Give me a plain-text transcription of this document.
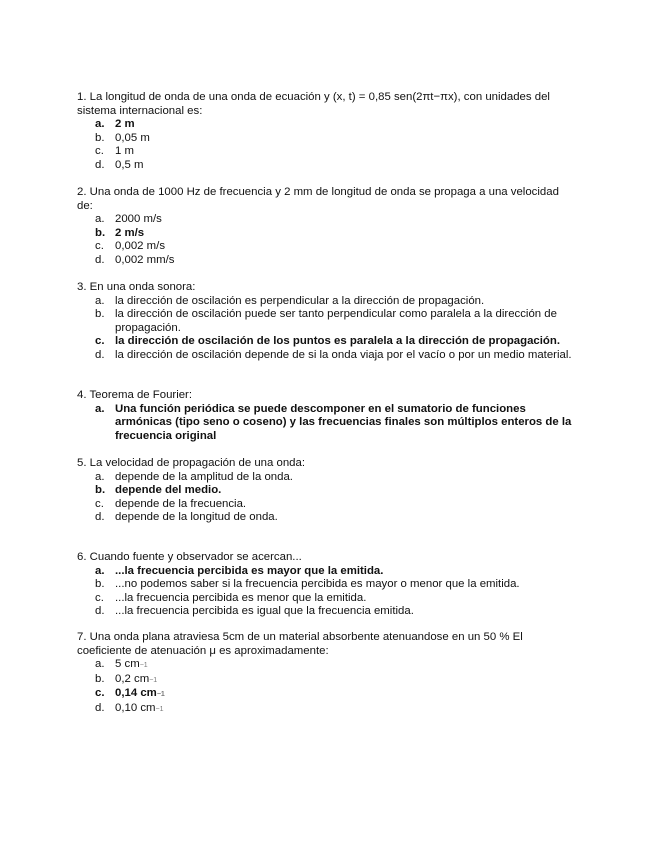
1. La longitud de onda de una onda de ecuación y (x, t) = 0,85 sen(2πt−πx), con unidades del sistema internacional es:
a. 2 m
b. 0,05 m
c. 1 m
d. 0,5 m
2. Una onda de 1000 Hz de frecuencia y 2 mm de longitud de onda se propaga a una velocidad de:
a. 2000 m/s
b. 2 m/s
c. 0,002 m/s
d. 0,002 mm/s
3. En una onda sonora:
a. la dirección de oscilación es perpendicular a la dirección de propagación.
b. la dirección de oscilación puede ser tanto perpendicular como paralela a la dirección de propagación.
c. la dirección de oscilación de los puntos es paralela a la dirección de propagación.
d. la dirección de oscilación depende de si la onda viaja por el vacío o por un medio material.
4. Teorema de Fourier:
a. Una función periódica se puede descomponer en el sumatorio de funciones armónicas (tipo seno o coseno) y las frecuencias finales son múltiplos enteros de la frecuencia original
5. La velocidad de propagación de una onda:
a. depende de la amplitud de la onda.
b. depende del medio.
c. depende de la frecuencia.
d. depende de la longitud de onda.
6. Cuando fuente y observador se acercan...
a. ...la frecuencia percibida es mayor que la emitida.
b. ...no podemos saber si la frecuencia percibida es mayor o menor que la emitida.
c. ...la frecuencia percibida es menor que la emitida.
d. ...la frecuencia percibida es igual que la frecuencia emitida.
7. Una onda plana atraviesa 5cm de un material absorbente atenuandose en un 50 % El coeficiente de atenuación μ es aproximadamente:
a. 5 cm−1
b. 0,2 cm−1
c. 0,14 cm−1
d. 0,10 cm−1
